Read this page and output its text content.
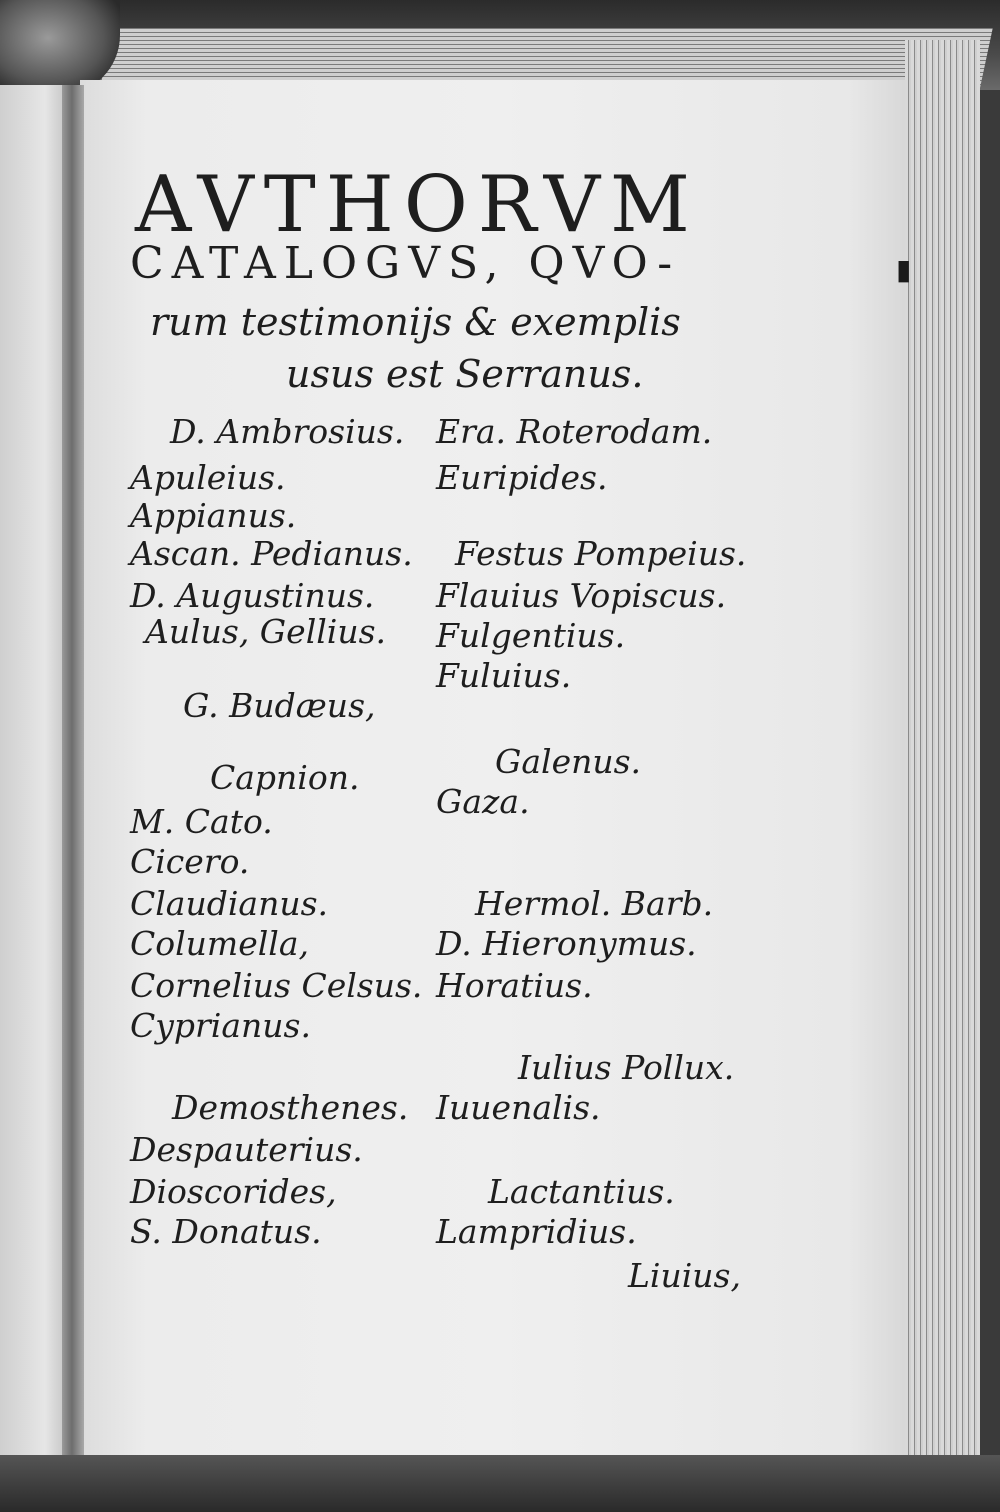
▮
AVTHORVM
CATALOGVS, QVO-
rum testimonijs & exemplis
usus est Serranus.
D. Ambrosius.
Apuleius.
Appianus.
Ascan. Pedianus.
D. Augustinus.
Aulus, Gellius.
G. Budæus,
Capnion.
M. Cato.
Cicero.
Claudianus.
Columella,
Cornelius Celsus.
Cyprianus.
Demosthenes.
Despauterius.
Dioscorides,
S. Donatus.
Era. Roterodam.
Euripides.
Festus Pompeius.
Flauius Vopiscus.
Fulgentius.
Fuluius.
Galenus.
Gaza.
Hermol. Barb.
D. Hieronymus.
Horatius.
Iulius Pollux.
Iuuenalis.
Lactantius.
Lampridius.
Liuius,
